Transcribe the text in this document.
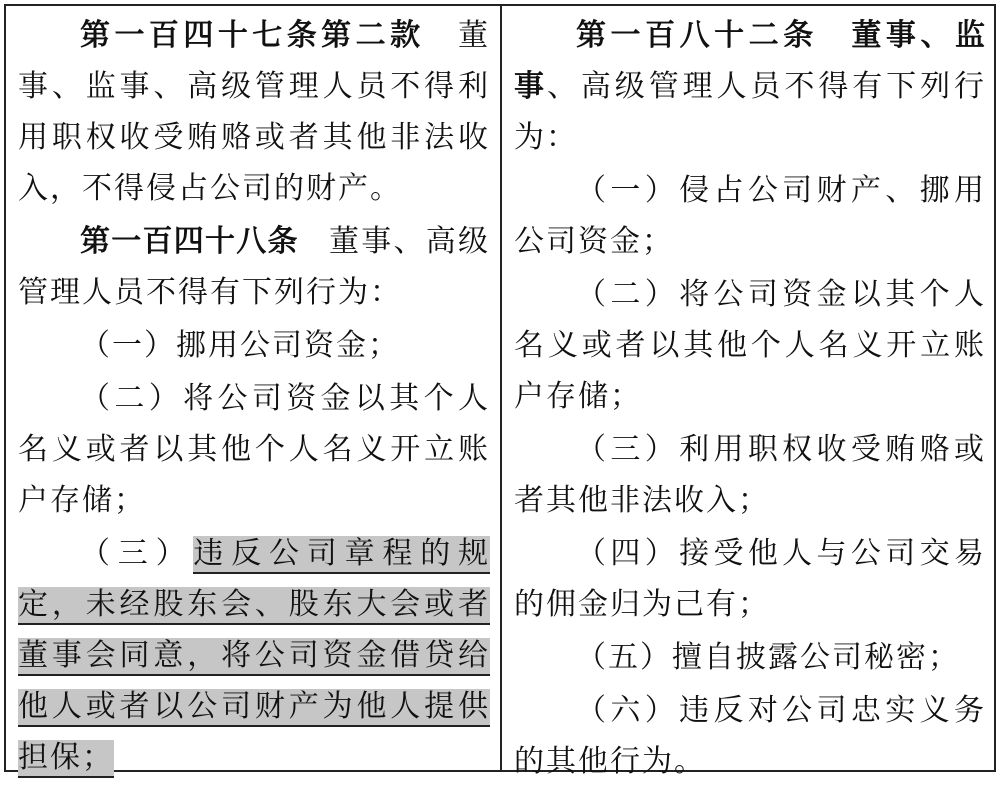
第一百四十七条第二款 董事、监事、高级管理人员不得利用职权收受贿赂或者其他非法收入，不得侵占公司的财产。

第一百四十八条 董事、高级管理人员不得有下列行为：

（一）挪用公司资金；

（二）将公司资金以其个人名义或者以其他个人名义开立账户存储；

（三）违反公司章程的规定，未经股东会、股东大会或者董事会同意，将公司资金借贷给他人或者以公司财产为他人提供担保；

第一百八十二条 董事、监事、高级管理人员不得有下列行为：

（一）侵占公司财产、挪用公司资金；

（二）将公司资金以其个人名义或者以其他个人名义开立账户存储；

（三）利用职权收受贿赂或者其他非法收入；

（四）接受他人与公司交易的佣金归为己有；

（五）擅自披露公司秘密；

（六）违反对公司忠实义务的其他行为。
